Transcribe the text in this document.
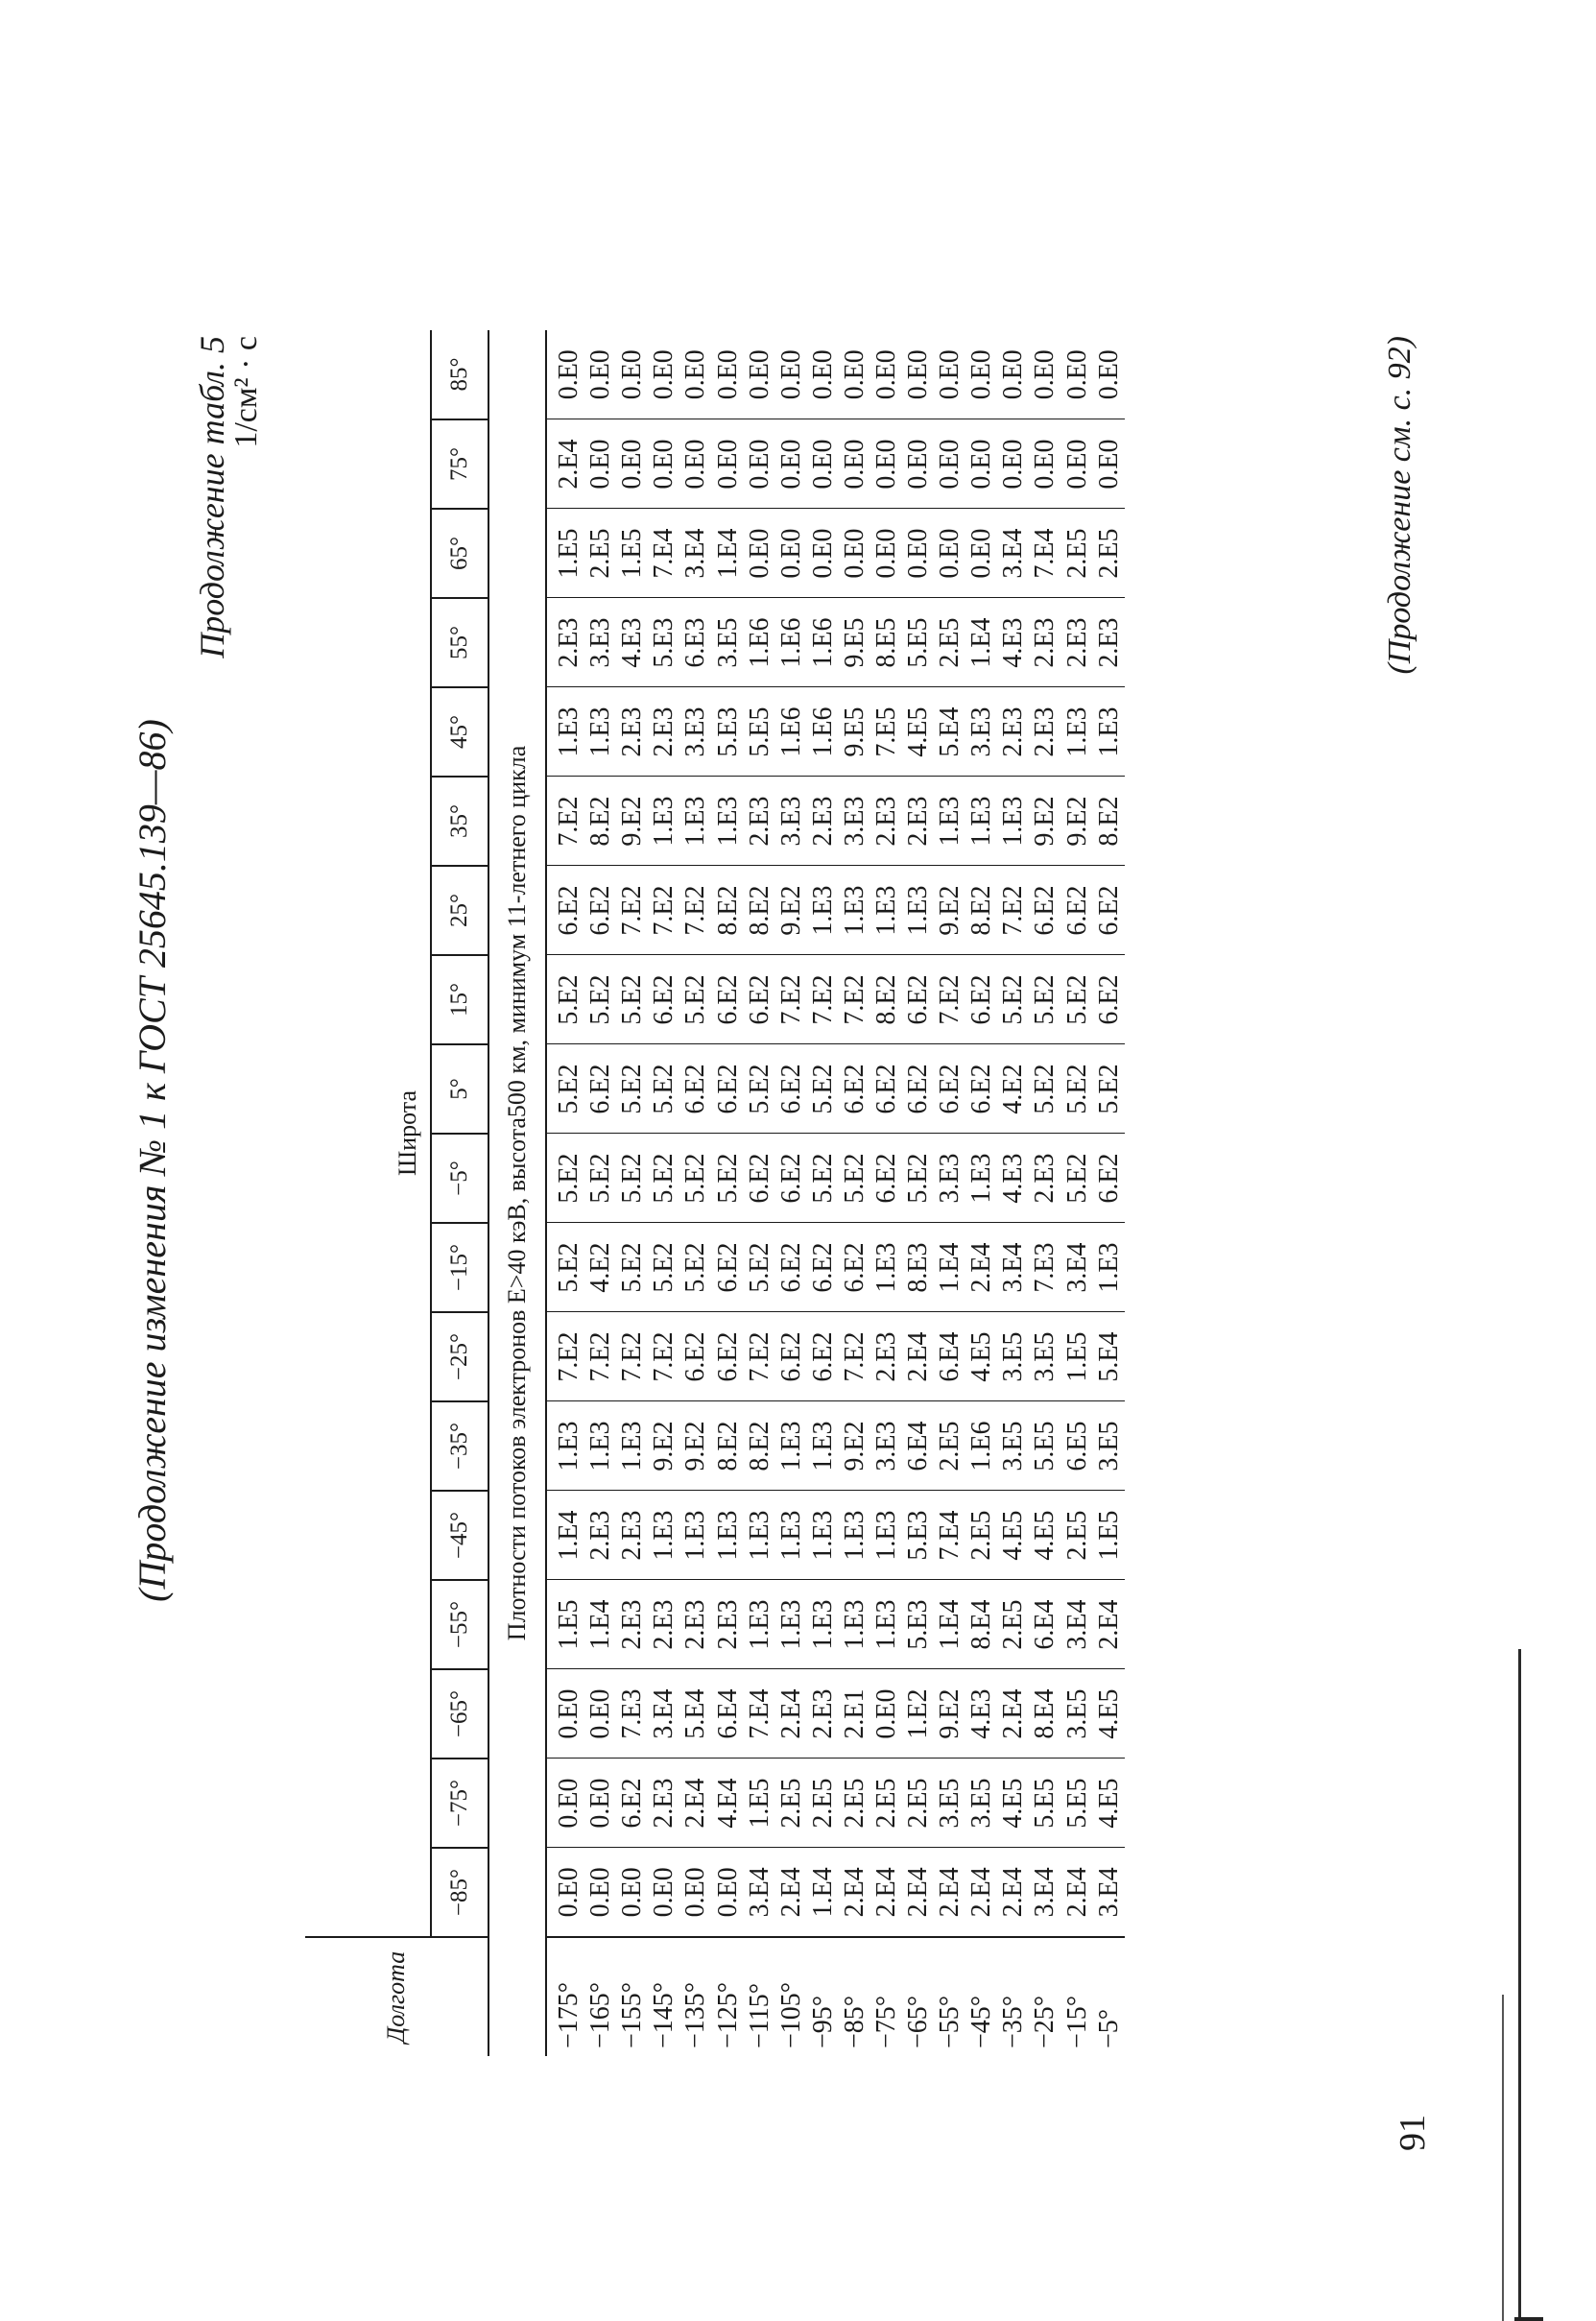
(Продолжение изменения № 1 к ГОСТ 25645.139—86)
Продолжение табл. 5
1/см² · с
Долгота	Широта																	
	−85°	−75°	−65°	−55°	−45°	−35°	−25°	−15°	−5°	5°	15°	25°	35°	45°	55°	65°	75°	85°
Плотности потоков электронов E>40 кэВ, высота500 км, минимум 11-летнего цикла																		
−175°	0.E0	0.E0	0.E0	1.E5	1.E4	1.E3	7.E2	5.E2	5.E2	5.E2	5.E2	6.E2	7.E2	1.E3	2.E3	1.E5	2.E4	0.E0
−165°	0.E0	0.E0	0.E0	1.E4	2.E3	1.E3	7.E2	4.E2	5.E2	6.E2	5.E2	6.E2	8.E2	1.E3	3.E3	2.E5	0.E0	0.E0
−155°	0.E0	6.E2	7.E3	2.E3	2.E3	1.E3	7.E2	5.E2	5.E2	5.E2	5.E2	7.E2	9.E2	2.E3	4.E3	1.E5	0.E0	0.E0
−145°	0.E0	2.E3	3.E4	2.E3	1.E3	9.E2	7.E2	5.E2	5.E2	5.E2	6.E2	7.E2	1.E3	2.E3	5.E3	7.E4	0.E0	0.E0
−135°	0.E0	2.E4	5.E4	2.E3	1.E3	9.E2	6.E2	5.E2	5.E2	6.E2	5.E2	7.E2	1.E3	3.E3	6.E3	3.E4	0.E0	0.E0
−125°	0.E0	4.E4	6.E4	2.E3	1.E3	8.E2	6.E2	6.E2	5.E2	6.E2	6.E2	8.E2	1.E3	5.E3	3.E5	1.E4	0.E0	0.E0
−115°	3.E4	1.E5	7.E4	1.E3	1.E3	8.E2	7.E2	5.E2	6.E2	5.E2	6.E2	8.E2	2.E3	5.E5	1.E6	0.E0	0.E0	0.E0
−105°	2.E4	2.E5	2.E4	1.E3	1.E3	1.E3	6.E2	6.E2	6.E2	6.E2	7.E2	9.E2	3.E3	1.E6	1.E6	0.E0	0.E0	0.E0
−95°	1.E4	2.E5	2.E3	1.E3	1.E3	1.E3	6.E2	6.E2	5.E2	5.E2	7.E2	1.E3	2.E3	1.E6	1.E6	0.E0	0.E0	0.E0
−85°	2.E4	2.E5	2.E1	1.E3	1.E3	9.E2	7.E2	6.E2	5.E2	6.E2	7.E2	1.E3	3.E3	9.E5	9.E5	0.E0	0.E0	0.E0
−75°	2.E4	2.E5	0.E0	1.E3	1.E3	3.E3	2.E3	1.E3	6.E2	6.E2	8.E2	1.E3	2.E3	7.E5	8.E5	0.E0	0.E0	0.E0
−65°	2.E4	2.E5	1.E2	5.E3	5.E3	6.E4	2.E4	8.E3	5.E2	6.E2	6.E2	1.E3	2.E3	4.E5	5.E5	0.E0	0.E0	0.E0
−55°	2.E4	3.E5	9.E2	1.E4	7.E4	2.E5	6.E4	1.E4	3.E3	6.E2	7.E2	9.E2	1.E3	5.E4	2.E5	0.E0	0.E0	0.E0
−45°	2.E4	3.E5	4.E3	8.E4	2.E5	1.E6	4.E5	2.E4	1.E3	6.E2	6.E2	8.E2	1.E3	3.E3	1.E4	0.E0	0.E0	0.E0
−35°	2.E4	4.E5	2.E4	2.E5	4.E5	3.E5	3.E5	3.E4	4.E3	4.E2	5.E2	7.E2	1.E3	2.E3	4.E3	3.E4	0.E0	0.E0
−25°	3.E4	5.E5	8.E4	6.E4	4.E5	5.E5	3.E5	7.E3	2.E3	5.E2	5.E2	6.E2	9.E2	2.E3	2.E3	7.E4	0.E0	0.E0
−15°	2.E4	5.E5	3.E5	3.E4	2.E5	6.E5	1.E5	3.E4	5.E2	5.E2	5.E2	6.E2	9.E2	1.E3	2.E3	2.E5	0.E0	0.E0
−5°	3.E4	4.E5	4.E5	2.E4	1.E5	3.E5	5.E4	1.E3	6.E2	5.E2	6.E2	6.E2	8.E2	1.E3	2.E3	2.E5	0.E0	0.E0	(Продолжение см. с. 92)
91
